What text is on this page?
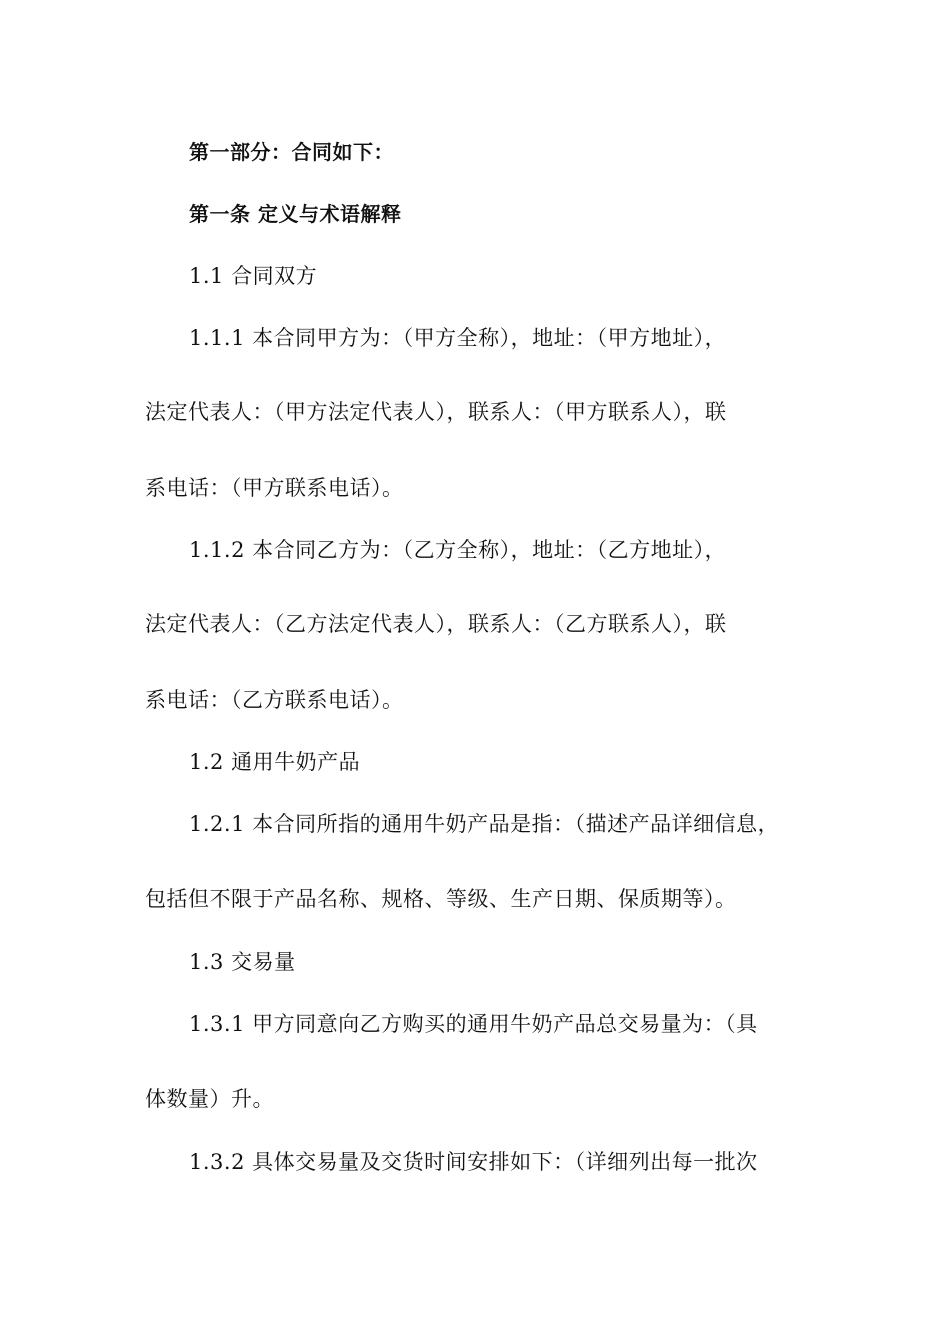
第一部分：合同如下：
第一条 定义与术语解释
1.1 合同双方
1.1.1 本合同甲方为：（甲方全称），地址：（甲方地址），
法定代表人：（甲方法定代表人），联系人：（甲方联系人），联
系电话：（甲方联系电话）。
1.1.2 本合同乙方为：（乙方全称），地址：（乙方地址），
法定代表人：（乙方法定代表人），联系人：（乙方联系人），联
系电话：（乙方联系电话）。
1.2 通用牛奶产品
1.2.1 本合同所指的通用牛奶产品是指：（描述产品详细信息，
包括但不限于产品名称、规格、等级、生产日期、保质期等）。
1.3 交易量
1.3.1 甲方同意向乙方购买的通用牛奶产品总交易量为：（具
体数量）升。
1.3.2 具体交易量及交货时间安排如下：（详细列出每一批次
